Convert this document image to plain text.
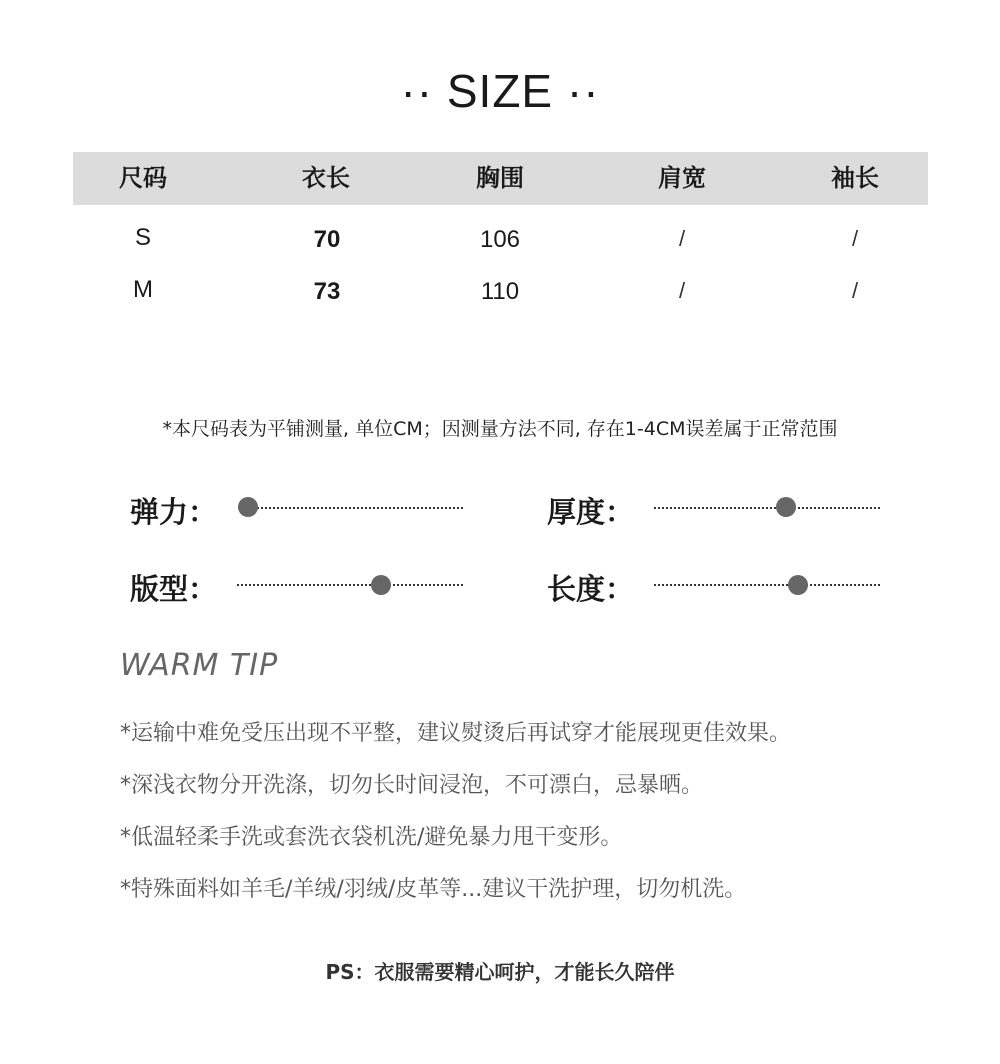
·· SIZE ··
尺码	衣长	胸围	肩宽	袖长
S	70	106	/	/
M	73	110	/	/
*本尺码表为平铺测量, 单位CM；因测量方法不同, 存在1-4CM误差属于正常范围
弹力：	厚度：
版型：	长度：
WARM TIP
*运输中难免受压出现不平整，建议熨烫后再试穿才能展现更佳效果。
*深浅衣物分开洗涤，切勿长时间浸泡，不可漂白，忌暴晒。
*低温轻柔手洗或套洗衣袋机洗/避免暴力甩干变形。
*特殊面料如羊毛/羊绒/羽绒/皮革等...建议干洗护理，切勿机洗。
PS：衣服需要精心呵护，才能长久陪伴
